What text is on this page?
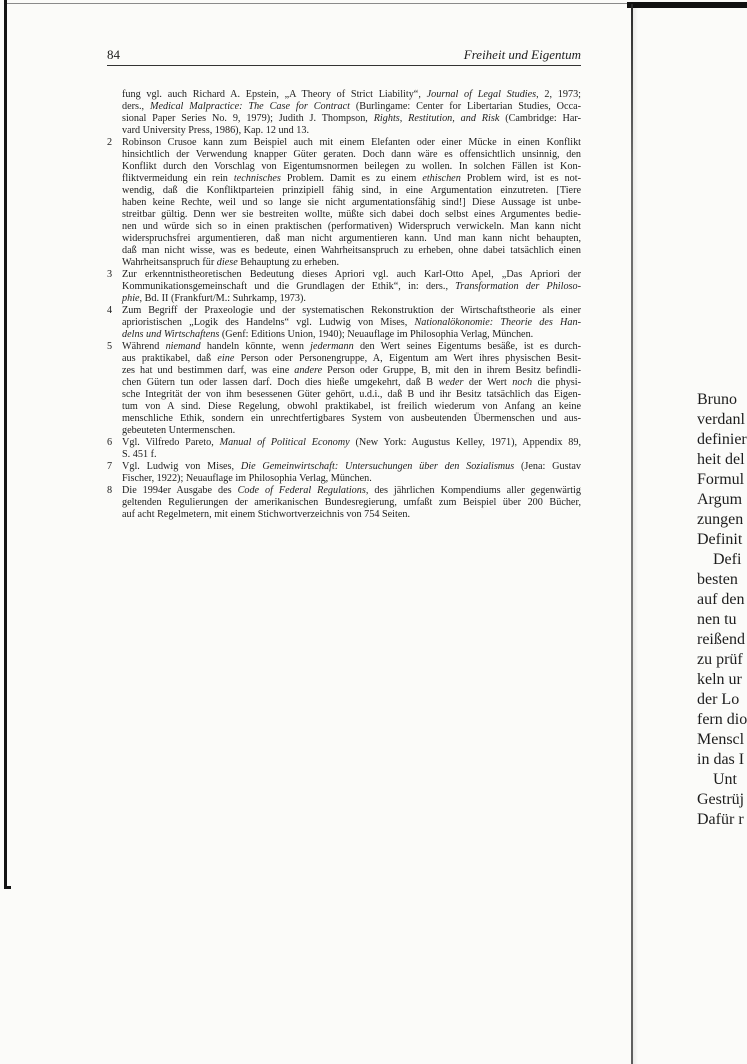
84	Freiheit und Eigentum
fung vgl. auch Richard A. Epstein, „A Theory of Strict Liability“, Journal of Legal Studies, 2, 1973;
ders., Medical Malpractice: The Case for Contract (Burlingame: Center for Libertarian Studies, Occa-
sional Paper Series No. 9, 1979); Judith J. Thompson, Rights, Restitution, and Risk (Cambridge: Har-
vard University Press, 1986), Kap. 12 und 13.
2 Robinson Crusoe kann zum Beispiel auch mit einem Elefanten oder einer Mücke in einen Konflikt
hinsichtlich der Verwendung knapper Güter geraten. Doch dann wäre es offensichtlich unsinnig, den
Konflikt durch den Vorschlag von Eigentumsnormen beilegen zu wollen. In solchen Fällen ist Kon-
fliktvermeidung ein rein technisches Problem. Damit es zu einem ethischen Problem wird, ist es not-
wendig, daß die Konfliktparteien prinzipiell fähig sind, in eine Argumentation einzutreten. [Tiere
haben keine Rechte, weil und so lange sie nicht argumentationsfähig sind!] Diese Aussage ist unbe-
streitbar gültig. Denn wer sie bestreiten wollte, müßte sich dabei doch selbst eines Argumentes bedie-
nen und würde sich so in einen praktischen (performativen) Widerspruch verwickeln. Man kann nicht
widerspruchsfrei argumentieren, daß man nicht argumentieren kann. Und man kann nicht behaupten,
daß man nicht wisse, was es bedeute, einen Wahrheitsanspruch zu erheben, ohne dabei tatsächlich einen
Wahrheitsanspruch für diese Behauptung zu erheben.
3 Zur erkenntnistheoretischen Bedeutung dieses Apriori vgl. auch Karl-Otto Apel, „Das Apriori der
Kommunikationsgemeinschaft und die Grundlagen der Ethik“, in: ders., Transformation der Philoso-
phie, Bd. II (Frankfurt/M.: Suhrkamp, 1973).
4 Zum Begriff der Praxeologie und der systematischen Rekonstruktion der Wirtschaftstheorie als einer
aprioristischen „Logik des Handelns“ vgl. Ludwig von Mises, Nationalökonomie: Theorie des Han-
delns und Wirtschaftens (Genf: Editions Union, 1940); Neuauflage im Philosophia Verlag, München.
5 Während niemand handeln könnte, wenn jedermann den Wert seines Eigentums besäße, ist es durch-
aus praktikabel, daß eine Person oder Personengruppe, A, Eigentum am Wert ihres physischen Besit-
zes hat und bestimmen darf, was eine andere Person oder Gruppe, B, mit den in ihrem Besitz befindli-
chen Gütern tun oder lassen darf. Doch dies hieße umgekehrt, daß B weder der Wert noch die physi-
sche Integrität der von ihm besessenen Güter gehört, u.d.i., daß B und ihr Besitz tatsächlich das Eigen-
tum von A sind. Diese Regelung, obwohl praktikabel, ist freilich wiederum von Anfang an keine
menschliche Ethik, sondern ein unrechtfertigbares System von ausbeutenden Übermenschen und aus-
gebeuteten Untermenschen.
6 Vgl. Vilfredo Pareto, Manual of Political Economy (New York: Augustus Kelley, 1971), Appendix 89,
S. 451 f.
7 Vgl. Ludwig von Mises, Die Gemeinwirtschaft: Untersuchungen über den Sozialismus (Jena: Gustav
Fischer, 1922); Neuauflage im Philosophia Verlag, München.
8 Die 1994er Ausgabe des Code of Federal Regulations, des jährlichen Kompendiums aller gegenwärtig
geltenden Regulierungen der amerikanischen Bundesregierung, umfaßt zum Beispiel über 200 Bücher,
auf acht Regelmetern, mit einem Stichwortverzeichnis von 754 Seiten.
Bruno
verdanl
definier
heit del
Formul
Argum
zungen
Definit
Defi
besten
auf den
nen tu
reißend
zu prüf
keln ur
der Lo
fern dio
Menscl
in das I
Unt
Gestrüj
Dafür r
